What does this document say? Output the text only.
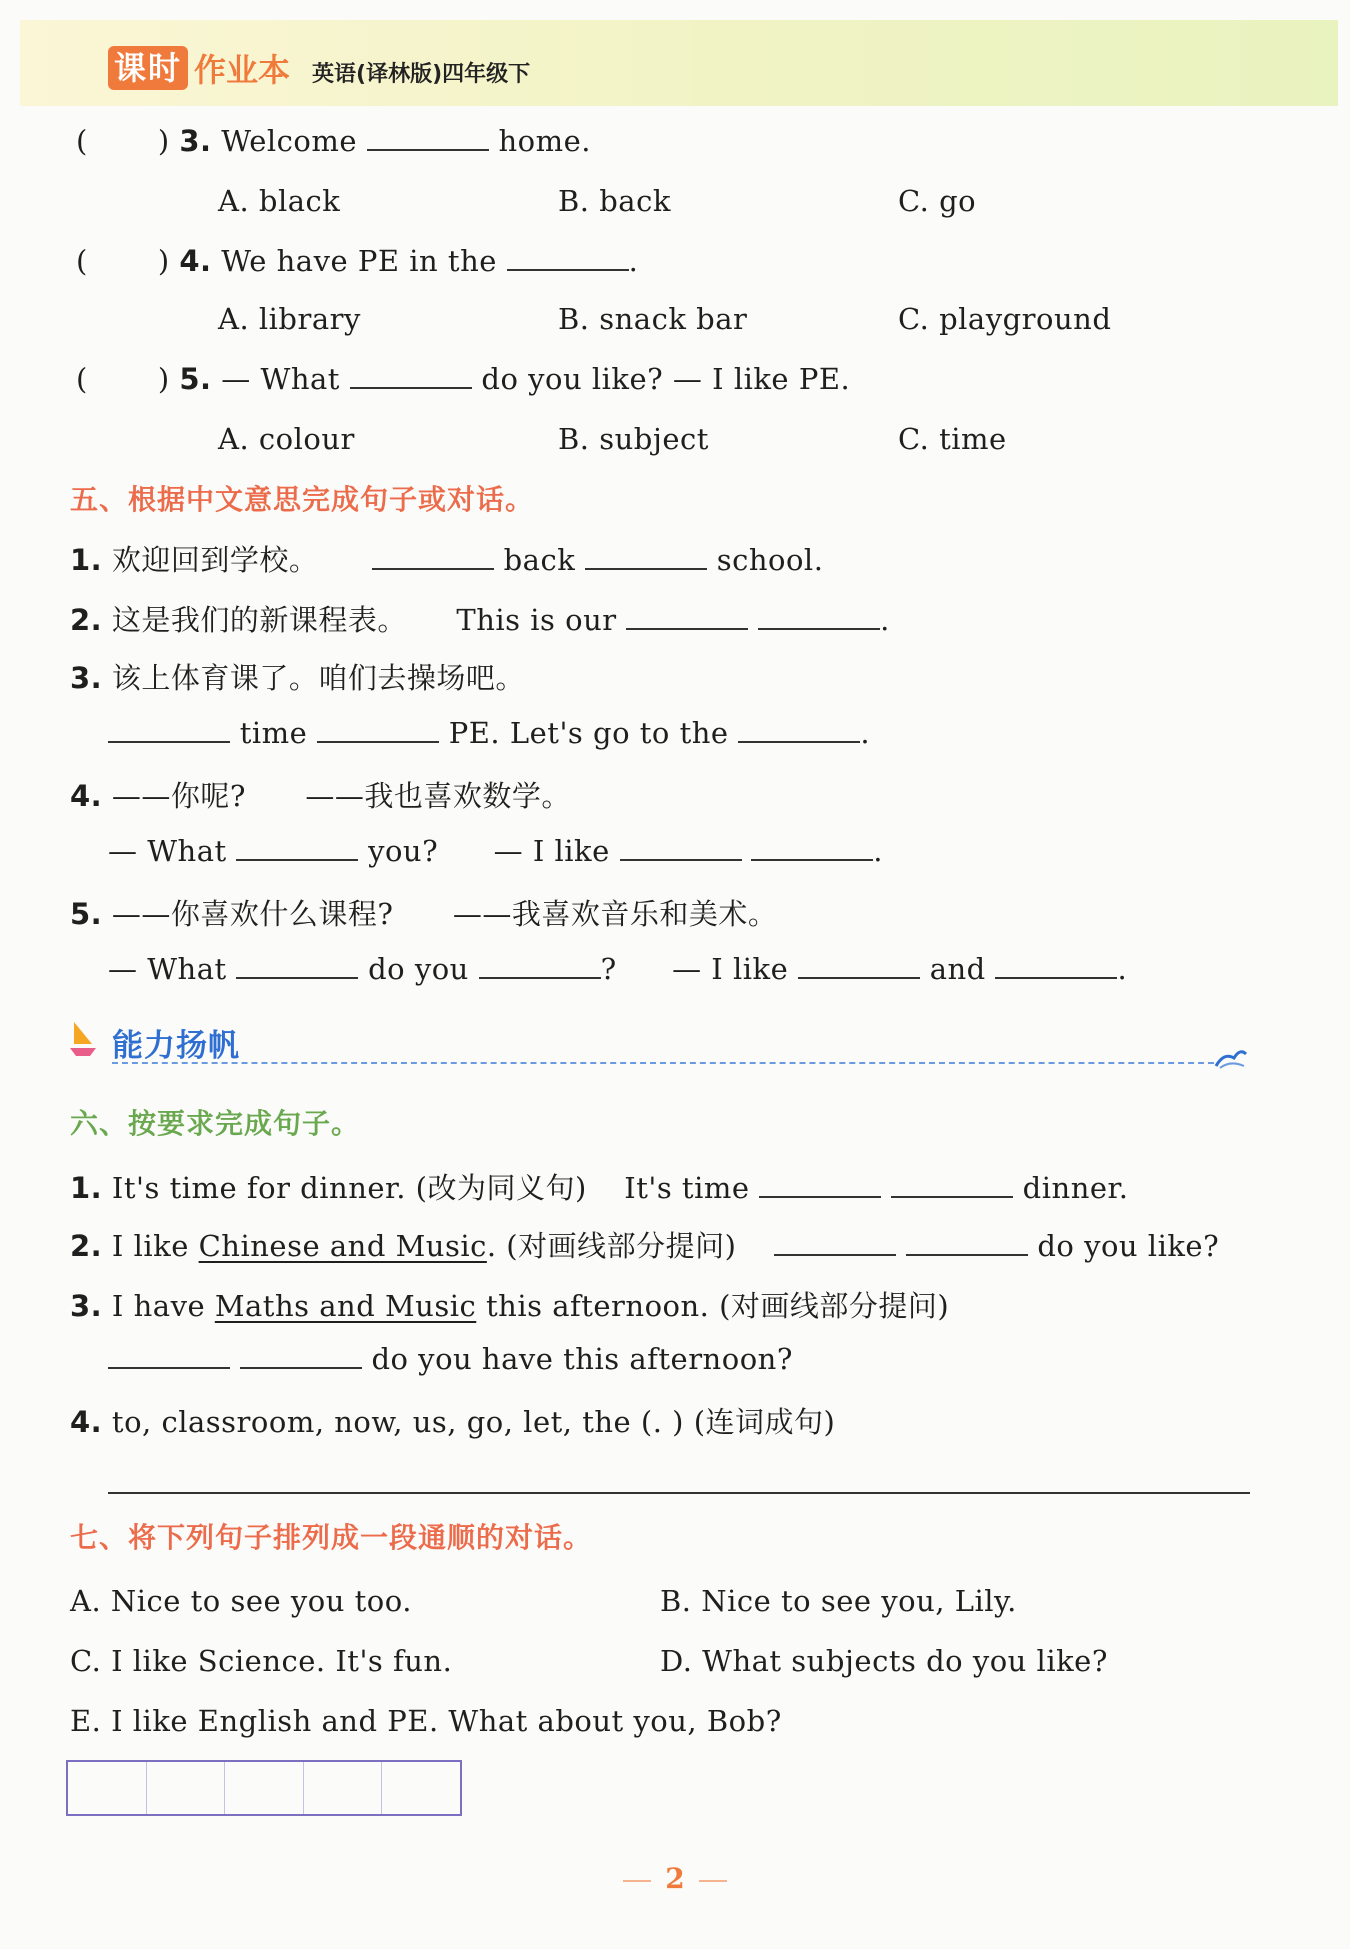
课时 作业本 英语(译林版)四年级下
( ) 3. Welcome	home.
A. black	B. back	C. go
( ) 4. We have PE in the	.
A. library	B. snack bar	C. playground
( ) 5. — What	do you like? — I like PE.
A. colour	B. subject	C. time
五、根据中文意思完成句子或对话。
1. 欢迎回到学校。	back	school.
2. 这是我们的新课程表。 This is our	.
3. 该上体育课了。咱们去操场吧。
time	PE. Let's go to the	.
4. ——你呢? ——我也喜欢数学。
— What	you? — I like	.
5. ——你喜欢什么课程? ——我喜欢音乐和美术。
— What	do you	? — I like	and	.
能力扬帆
六、按要求完成句子。
1. It's time for dinner. (改为同义句) It's time	dinner.
2. I like Chinese and Music. (对画线部分提问)	do you like?
3. I have Maths and Music this afternoon. (对画线部分提问)
do you have this afternoon?
4. to, classroom, now, us, go, let, the (. ) (连词成句)
七、将下列句子排列成一段通顺的对话。
A. Nice to see you too.	B. Nice to see you, Lily.
C. I like Science. It's fun.	D. What subjects do you like?
E. I like English and PE. What about you, Bob?
2
